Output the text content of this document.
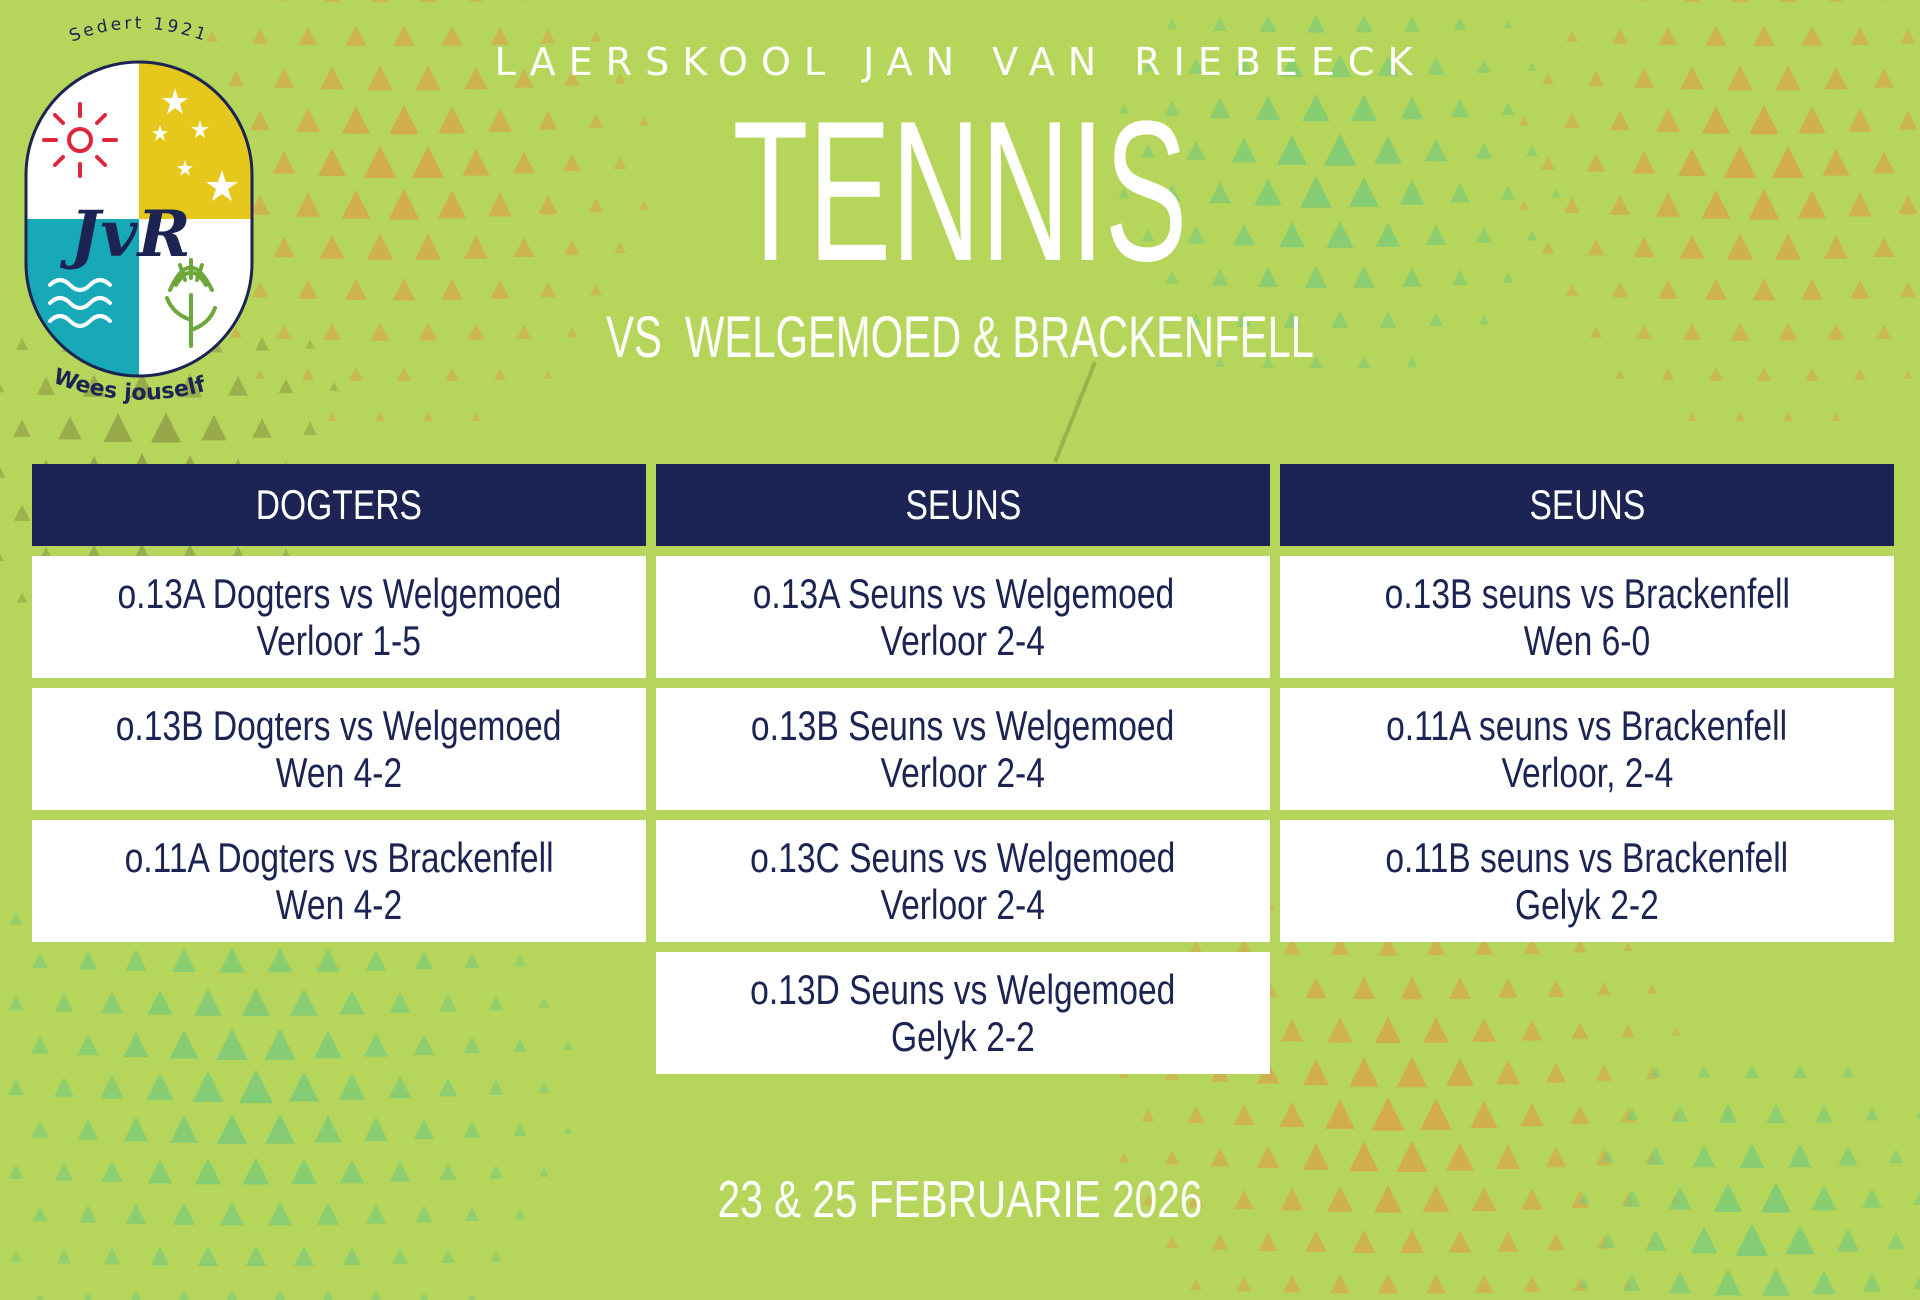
Sedert 1921
JvR
Wees jouself
LAERSKOOL JAN VAN RIEBEECK
TENNIS
VS  WELGEMOED & BRACKENFELL
DOGTERS
o.13A Dogters vs Welgemoed
Verloor 1-5
o.13B Dogters vs Welgemoed
Wen 4-2
o.11A Dogters vs Brackenfell
Wen 4-2
SEUNS
o.13A Seuns vs Welgemoed
Verloor 2-4
o.13B Seuns vs Welgemoed
Verloor 2-4
o.13C Seuns vs Welgemoed
Verloor 2-4
o.13D Seuns vs Welgemoed
Gelyk 2-2
SEUNS
o.13B seuns vs Brackenfell
Wen 6-0
o.11A seuns vs Brackenfell
Verloor, 2-4
o.11B seuns vs Brackenfell
Gelyk 2-2
23 & 25 FEBRUARIE 2026
